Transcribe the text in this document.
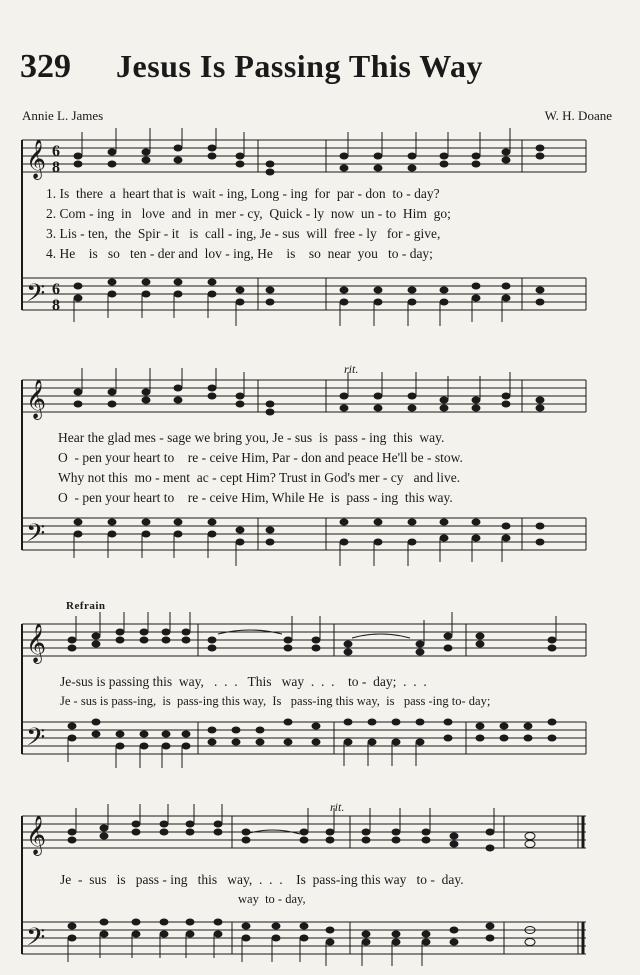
329 Jesus Is Passing This Way
Annie L. James	W. H. Doane
𝄞
𝄢
6
8
6
8
1. Is  there  a  heart that is  wait - ing, Long - ing  for  par - don  to - day?
2. Com - ing  in   love  and  in  mer - cy,  Quick - ly  now  un - to  Him  go;
3. Lis - ten,  the  Spir - it   is  call - ing, Je - sus  will  free - ly   for - give,
4. He    is   so   ten - der and  lov - ing, He    is    so  near  you   to - day;
𝄞
𝄢
rit.
Hear the glad mes - sage we bring you, Je - sus  is  pass - ing  this  way.
O  - pen your heart to    re - ceive Him, Par - don and peace He'll be - stow.
Why not this  mo - ment  ac - cept Him? Trust in God's mer - cy   and live.
O  - pen your heart to    re - ceive Him, While He  is  pass - ing  this way.
Refrain
𝄞
𝄢
Je-sus is passing this  way,   .  .  .   This   way  .  .  .    to -  day;  .  .  .
Je - sus is pass-ing,  is  pass-ing this way,  Is   pass-ing this way,  is   pass -ing to- day;
𝄞
𝄢
rit.
Je  -  sus   is   pass - ing   this   way,  .  .  .    Is  pass-ing this way   to -  day.
way  to - day,
